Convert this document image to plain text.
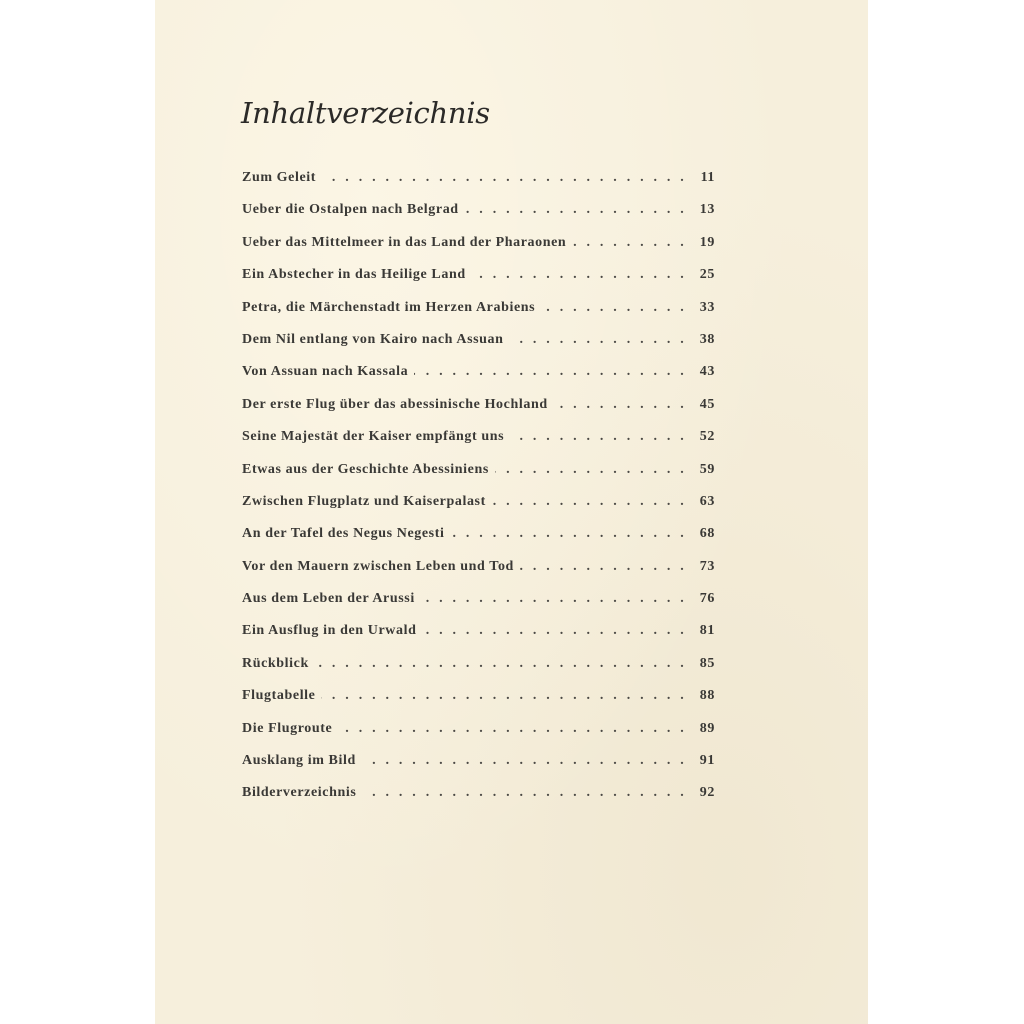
Inhaltverzeichnis
Zum Geleit . . .	11
Ueber die Ostalpen nach Belgrad . . .	13
Ueber das Mittelmeer in das Land der Pharaonen . . .	19
Ein Abstecher in das Heilige Land . . .	25
Petra, die Märchenstadt im Herzen Arabiens . . .	33
Dem Nil entlang von Kairo nach Assuan . . .	38
Von Assuan nach Kassala . . .	43
Der erste Flug über das abessinische Hochland . . .	45
Seine Majestät der Kaiser empfängt uns . . .	52
Etwas aus der Geschichte Abessiniens . . .	59
Zwischen Flugplatz und Kaiserpalast . . .	63
An der Tafel des Negus Negesti . . .	68
Vor den Mauern zwischen Leben und Tod . . .	73
Aus dem Leben der Arussi . . .	76
Ein Ausflug in den Urwald . . .	81
Rückblick . . .	85
Flugtabelle . . .	88
Die Flugroute . . .	89
Ausklang im Bild . . .	91
Bilderverzeichnis . . .	92
